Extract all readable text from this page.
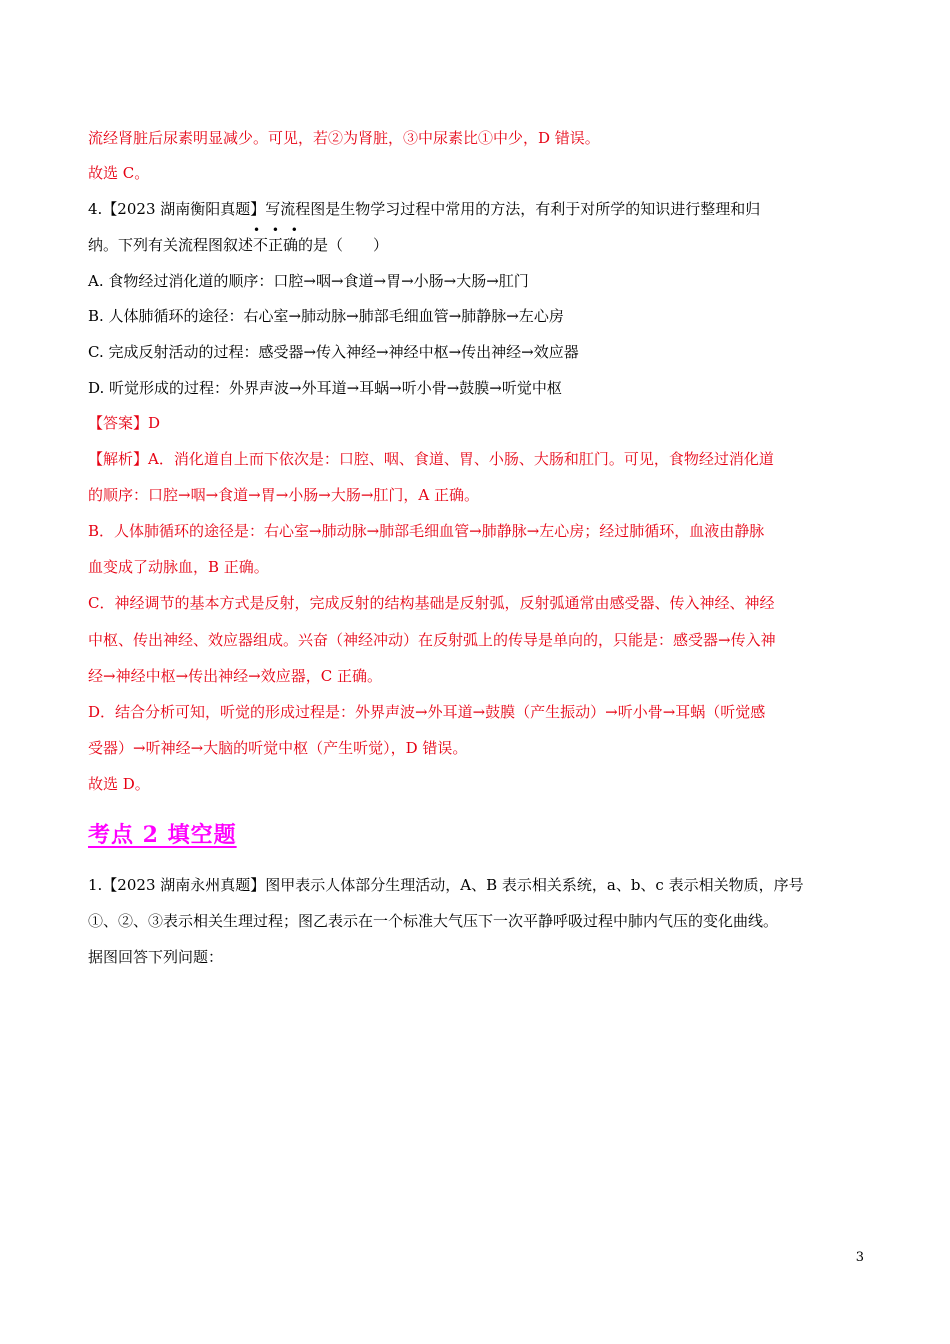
流经肾脏后尿素明显减少。可见，若②为肾脏，③中尿素比①中少，D 错误。
故选 C。
4.【2023 湖南衡阳真题】写流程图是生物学习过程中常用的方法，有利于对所学的知识进行整理和归
纳。下列有关流程图叙述
• • •
不正确的是（　　）
A. 食物经过消化道的顺序：口腔→咽→食道→胃→小肠→大肠→肛门
B. 人体肺循环的途径：右心室→肺动脉→肺部毛细血管→肺静脉→左心房
C. 完成反射活动的过程：感受器→传入神经→神经中枢→传出神经→效应器
D. 听觉形成的过程：外界声波→外耳道→耳蜗→听小骨→鼓膜→听觉中枢
【答案】D
【解析】A．消化道自上而下依次是：口腔、咽、食道、胃、小肠、大肠和肛门。可见，食物经过消化道
的顺序：口腔→咽→食道→胃→小肠→大肠→肛门，A 正确。
B．人体肺循环的途径是：右心室→肺动脉→肺部毛细血管→肺静脉→左心房；经过肺循环，血液由静脉
血变成了动脉血，B 正确。
C．神经调节的基本方式是反射，完成反射的结构基础是反射弧，反射弧通常由感受器、传入神经、神经
中枢、传出神经、效应器组成。兴奋（神经冲动）在反射弧上的传导是单向的，只能是：感受器→传入神
经→神经中枢→传出神经→效应器，C 正确。
D．结合分析可知，听觉的形成过程是：外界声波→外耳道→鼓膜（产生振动）→听小骨→耳蜗（听觉感
受器）→听神经→大脑的听觉中枢（产生听觉），D 错误。
故选 D。
考点 2 填空题
1.【2023 湖南永州真题】图甲表示人体部分生理活动，A、B 表示相关系统，a、b、c 表示相关物质，序号
①、②、③表示相关生理过程；图乙表示在一个标准大气压下一次平静呼吸过程中肺内气压的变化曲线。
据图回答下列问题：
3
